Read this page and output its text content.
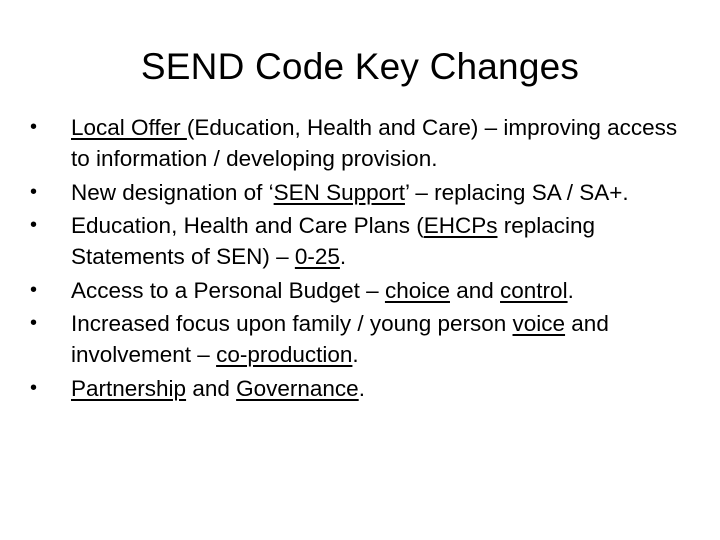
SEND Code Key Changes
•	Local Offer (Education, Health and Care) – improving access to information / developing provision.
•	New designation of ‘SEN Support’ – replacing SA / SA+.
•	Education, Health and Care Plans (EHCPs replacing Statements of SEN) – 0-25.
•	Access to a Personal Budget – choice and control.
•	Increased focus upon family / young person voice and involvement – co-production.
•	Partnership and Governance.
